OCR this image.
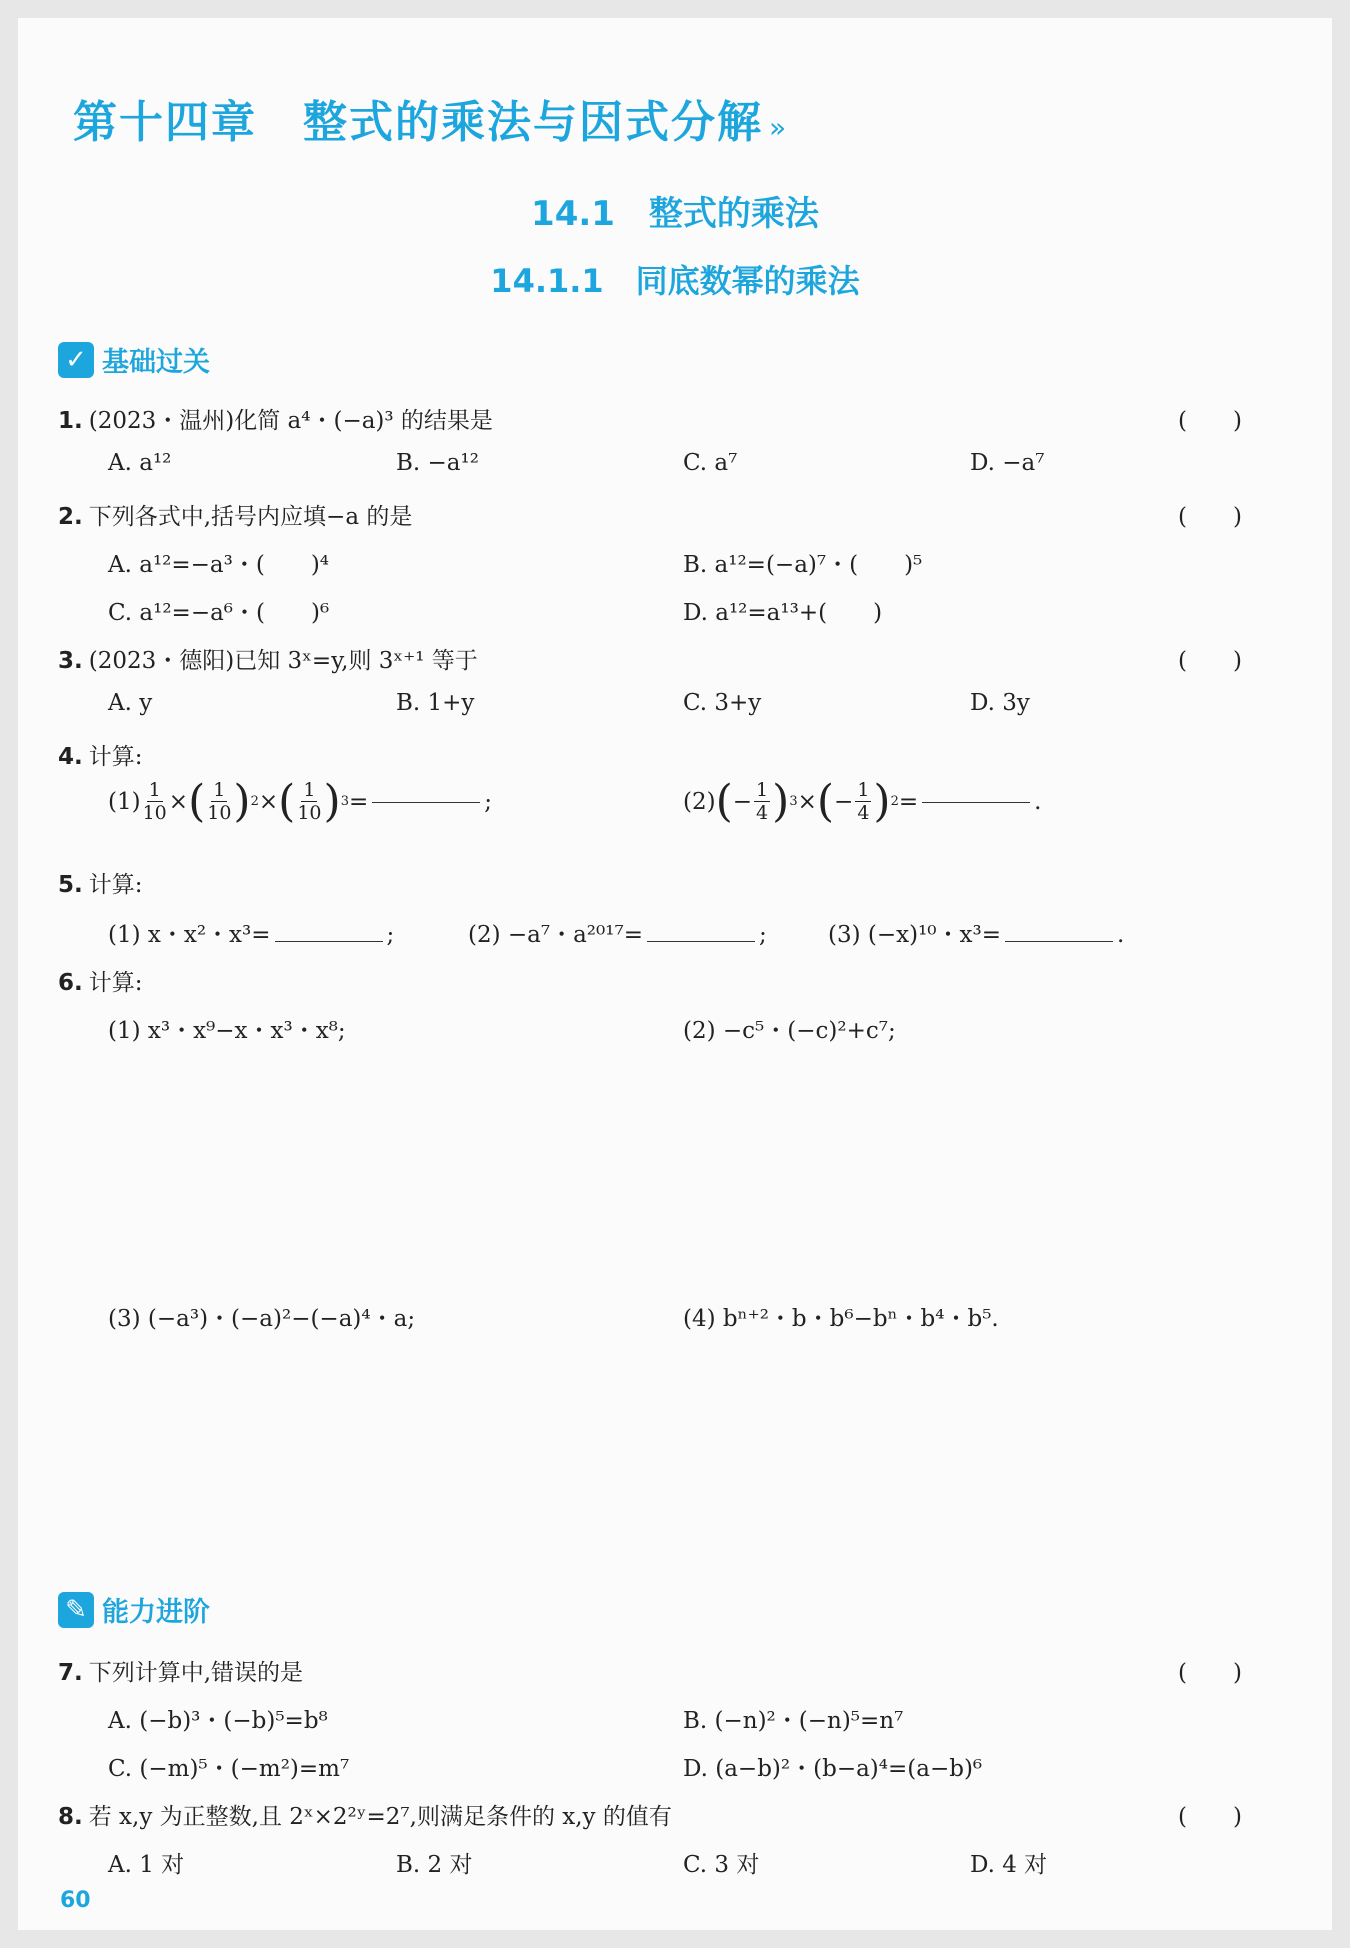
第十四章　整式的乘法与因式分解 »
14.1　整式的乘法
14.1.1　同底数幂的乘法
✓ 基础过关
1. (2023・温州)化简 a⁴・(−a)³ 的结果是	(　　)
A. a¹²	B. −a¹²	C. a⁷	D. −a⁷
2. 下列各式中,括号内应填−a 的是	(　　)
A. a¹²=−a³・(　　)⁴	B. a¹²=(−a)⁷・(　　)⁵
C. a¹²=−a⁶・(　　)⁶	D. a¹²=a¹³+(　　)
3. (2023・德阳)已知 3ˣ=y,则 3ˣ⁺¹ 等于	(　　)
A. y	B. 1+y	C. 3+y	D. 3y
4. 计算:
$(1) \frac{1}{10}$ × ( $\frac{1}{10}$ ) 2 × ( $\frac{1}{10}$ ) 3 =	;	(2) ( − $\frac{1}{4}$ ) 3 × ( − $\frac{1}{4}$ ) 2 =	.
5. 计算:
(1) x・x²・x³=	;	(2) −a⁷・a²⁰¹⁷=	;	(3) (−x)¹⁰・x³=	.
6. 计算:
(1) x³・x⁹−x・x³・x⁸;	(2) −c⁵・(−c)²+c⁷;
(3) (−a³)・(−a)²−(−a)⁴・a;	(4) bⁿ⁺²・b・b⁶−bⁿ・b⁴・b⁵.
✎ 能力进阶
7. 下列计算中,错误的是	(　　)
A. (−b)³・(−b)⁵=b⁸	B. (−n)²・(−n)⁵=n⁷
C. (−m)⁵・(−m²)=m⁷	D. (a−b)²・(b−a)⁴=(a−b)⁶
8. 若 x,y 为正整数,且 2ˣ×2²ʸ=2⁷,则满足条件的 x,y 的值有	(　　)
A. 1 对	B. 2 对	C. 3 对	D. 4 对
60
